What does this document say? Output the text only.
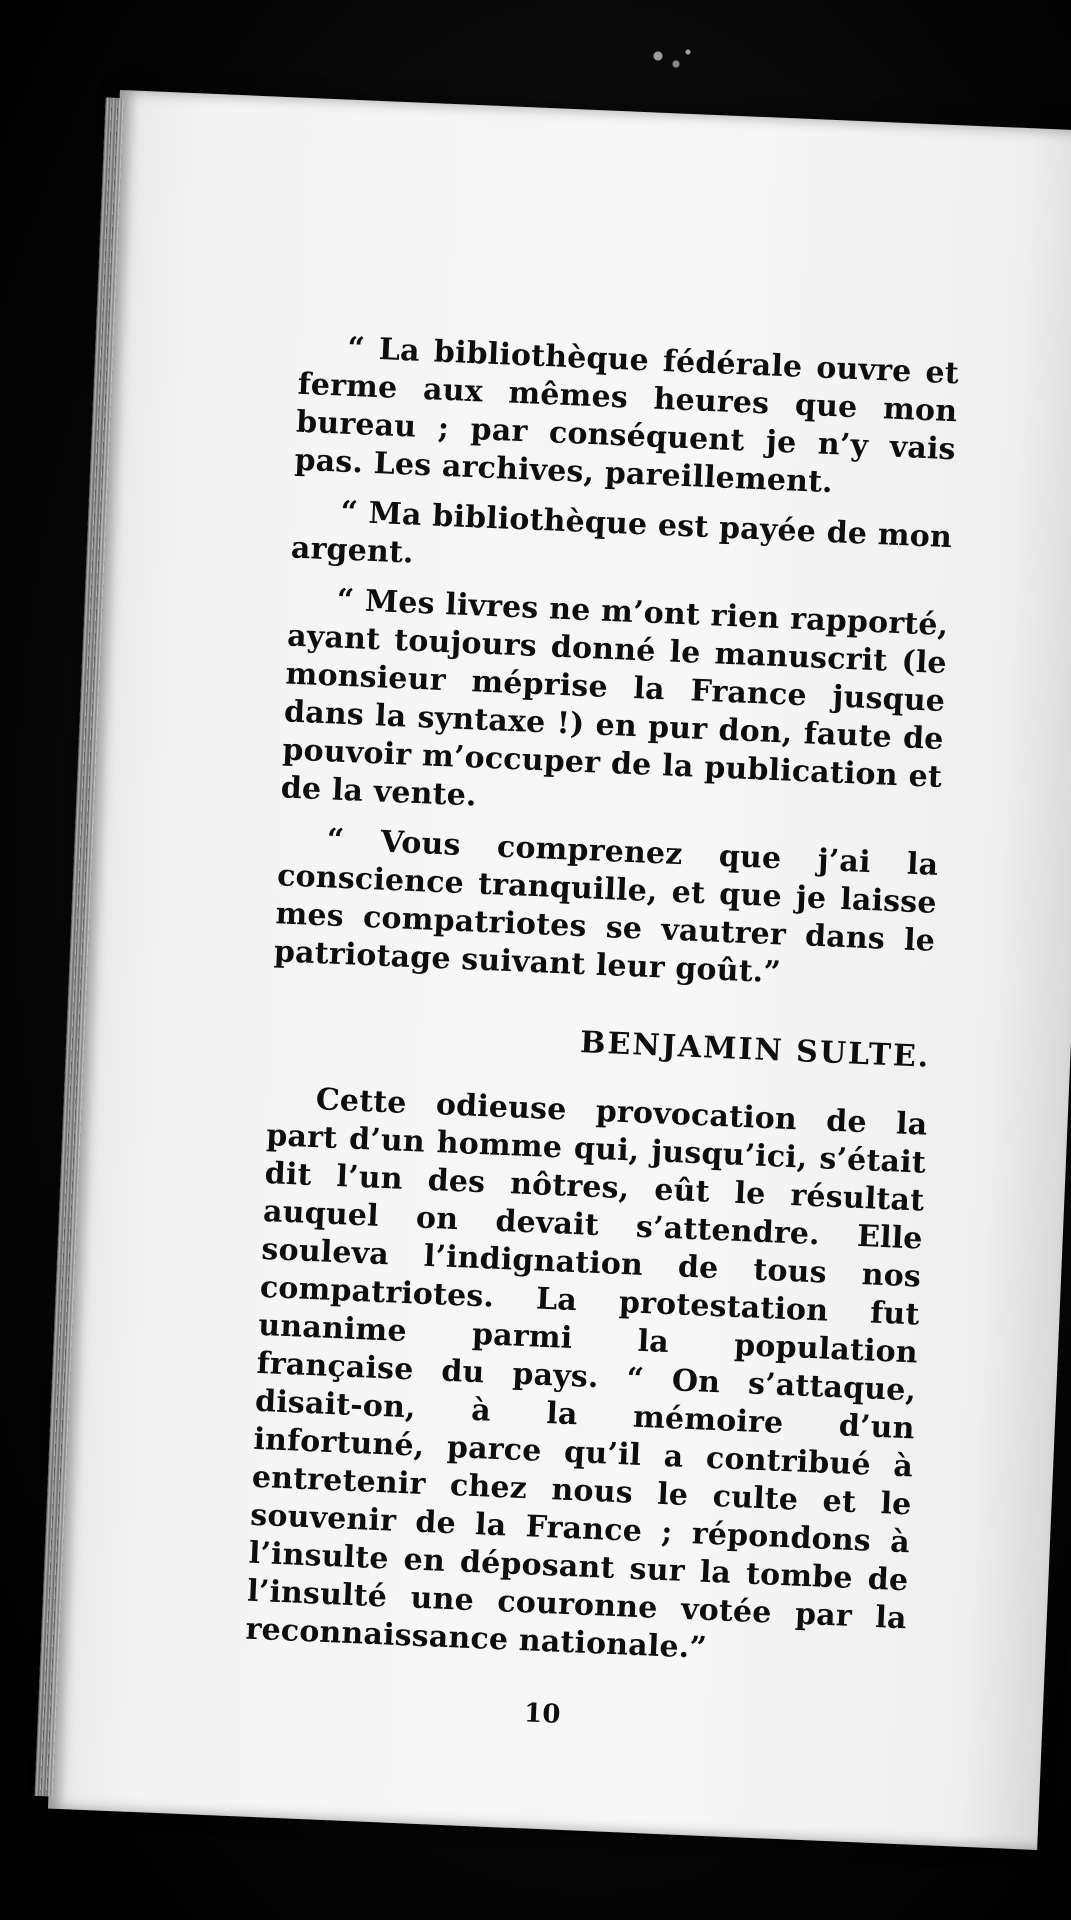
“ La bibliothèque fédérale ouvre et ferme aux mêmes heures que mon bureau ; par conséquent je n’y vais pas. Les archives, pareillement.

“ Ma bibliothèque est payée de mon argent.

“ Mes livres ne m’ont rien rapporté, ayant toujours donné le manuscrit (le monsieur méprise la France jusque dans la syntaxe !) en pur don, faute de pouvoir m’occuper de la publication et de la vente.

“ Vous comprenez que j’ai la conscience tranquille, et que je laisse mes compatriotes se vautrer dans le patriotage suivant leur goût.”

BENJAMIN SULTE.

Cette odieuse provocation de la part d’un homme qui, jusqu’ici, s’était dit l’un des nôtres, eût le résultat auquel on devait s’attendre. Elle souleva l’indignation de tous nos compatriotes. La protestation fut unanime parmi la population française du pays. “ On s’attaque, disait-on, à la mémoire d’un infortuné, parce qu’il a contribué à entretenir chez nous le culte et le souvenir de la France ; répondons à l’insulte en déposant sur la tombe de l’insulté une couronne votée par la reconnaissance nationale.”

10
